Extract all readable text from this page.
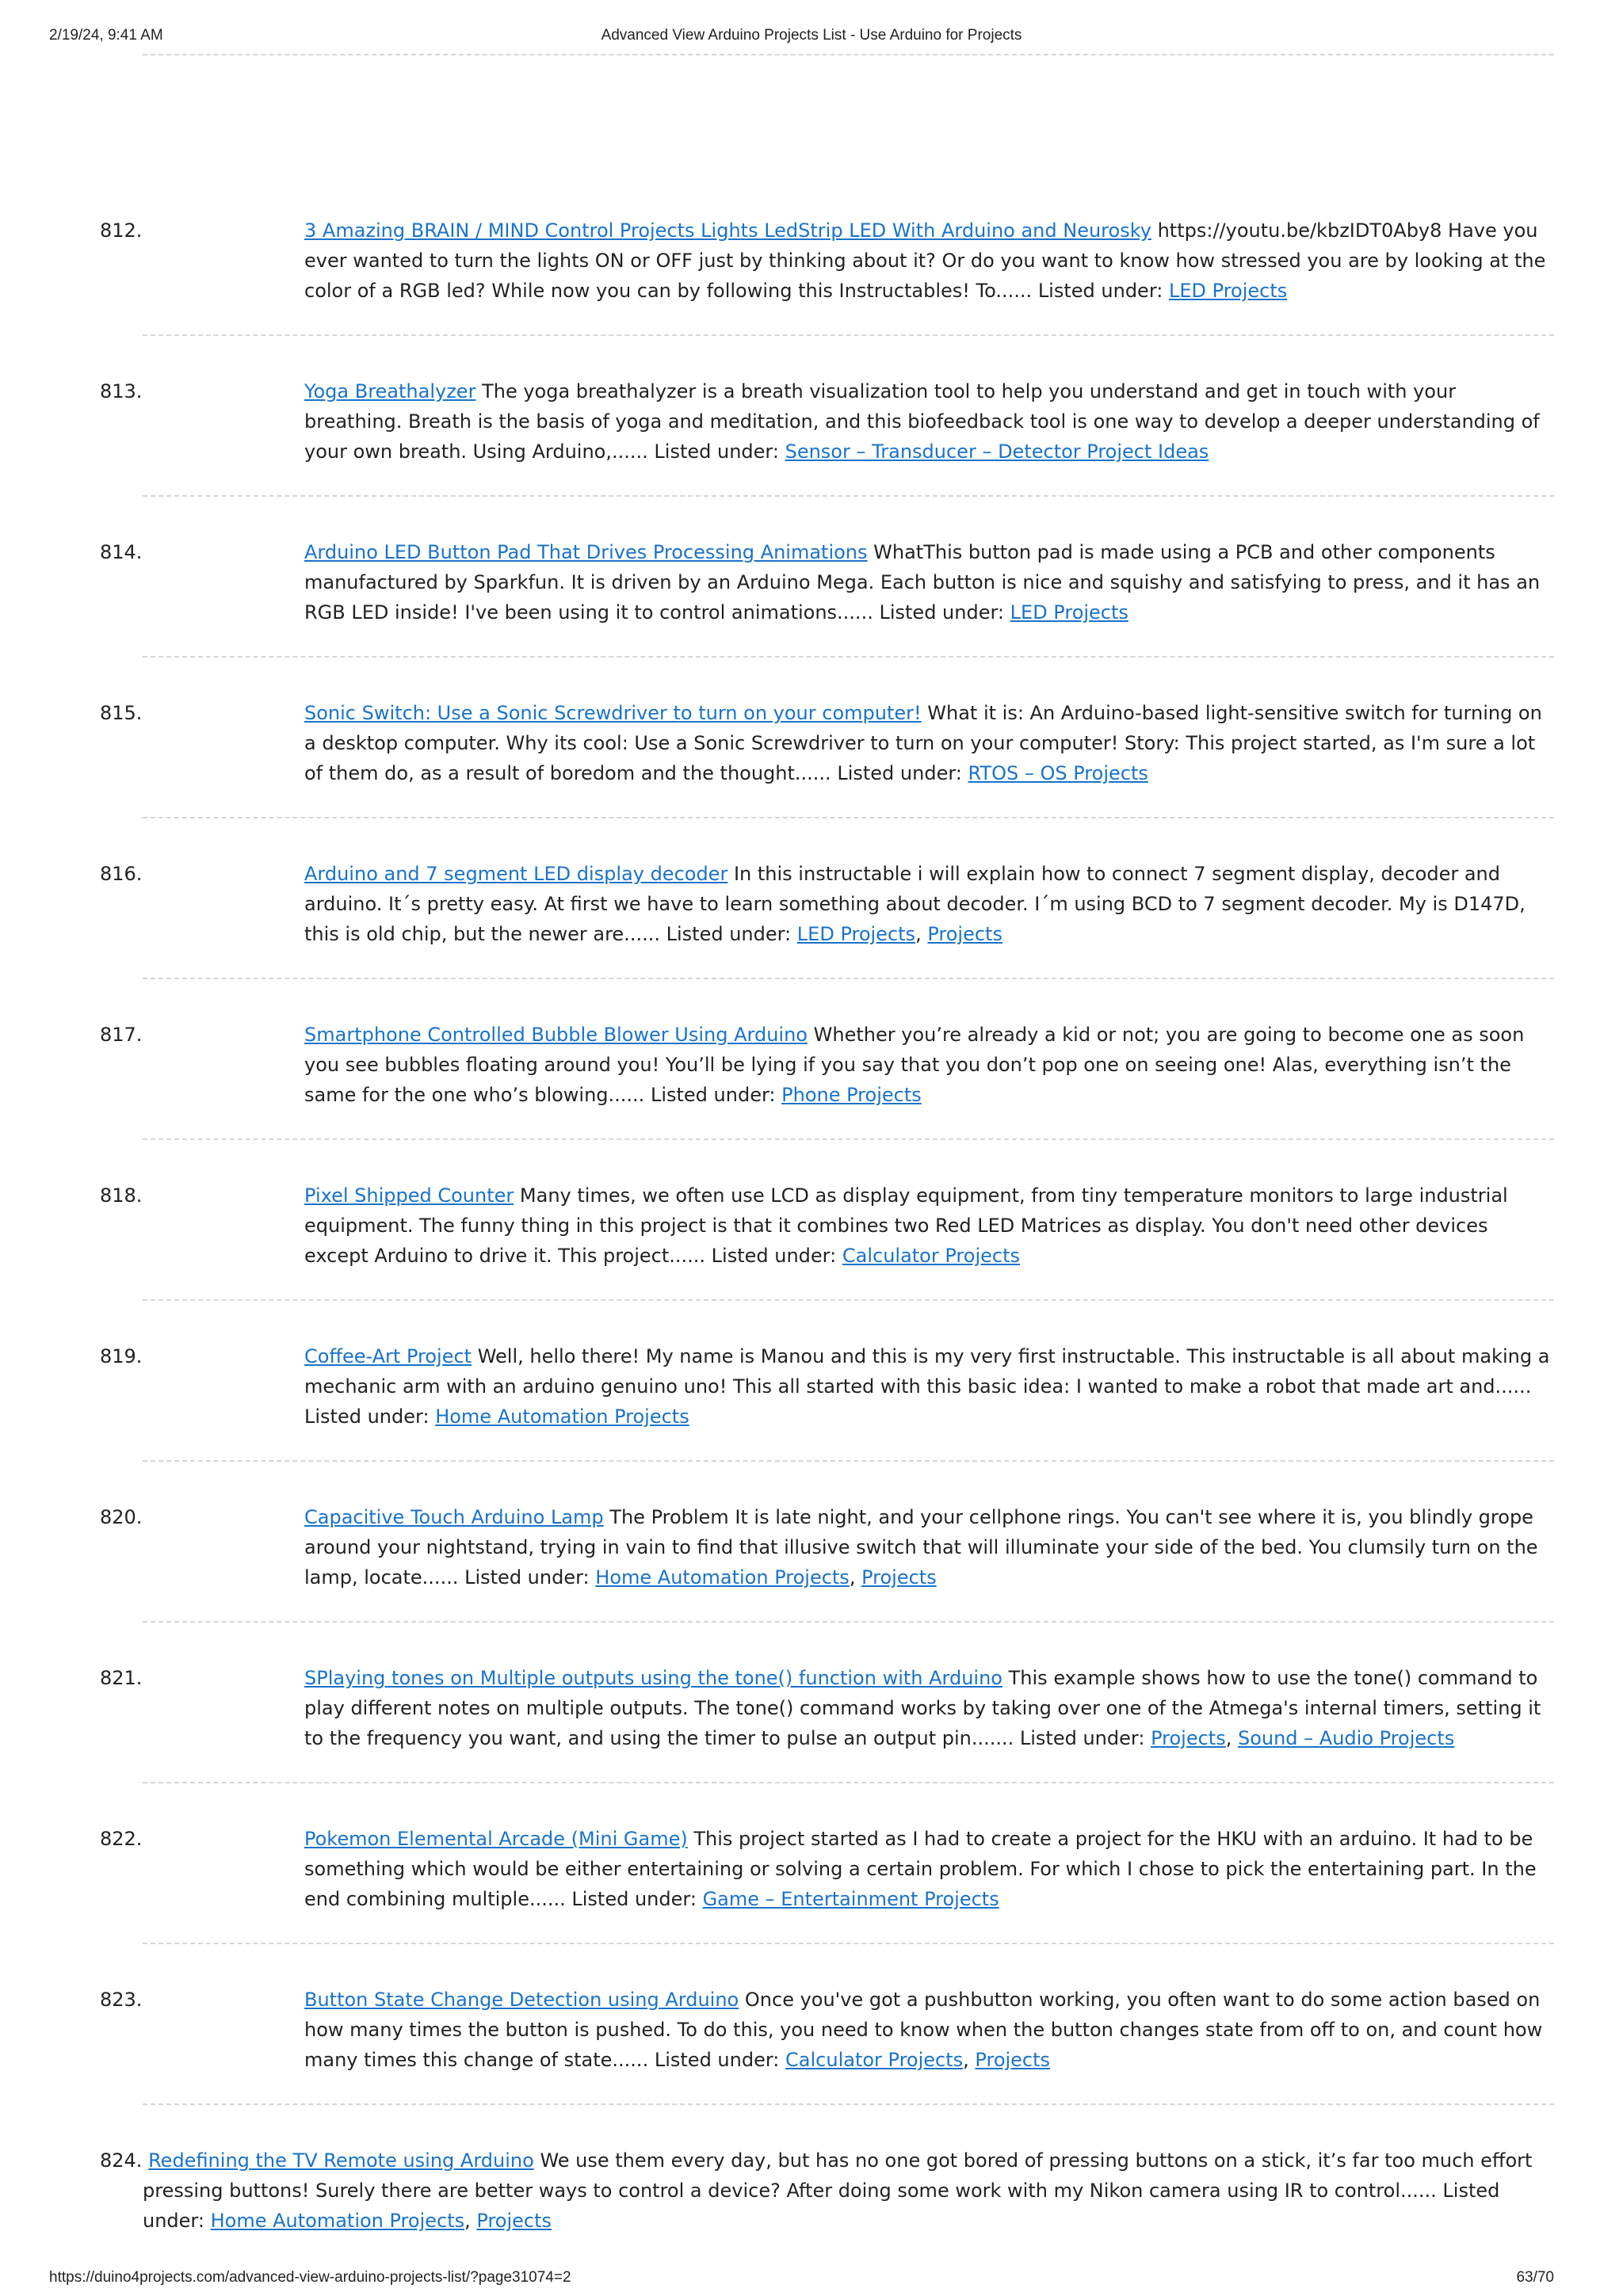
2/19/24, 9:41 AM	Advanced View Arduino Projects List - Use Arduino for Projects
812.	3 Amazing BRAIN / MIND Control Projects Lights LedStrip LED With Arduino and Neurosky https://youtu.be/kbzIDT0Aby8 Have you ever wanted to turn the lights ON or OFF just by thinking about it? Or do you want to know how stressed you are by looking at the color of a RGB led? While now you can by following this Instructables! To...... Listed under: LED Projects
813.	Yoga Breathalyzer The yoga breathalyzer is a breath visualization tool to help you understand and get in touch with your breathing. Breath is the basis of yoga and meditation, and this biofeedback tool is one way to develop a deeper understanding of your own breath. Using Arduino,...... Listed under: Sensor – Transducer – Detector Project Ideas
814.	Arduino LED Button Pad That Drives Processing Animations WhatThis button pad is made using a PCB and other components manufactured by Sparkfun. It is driven by an Arduino Mega. Each button is nice and squishy and satisfying to press, and it has an RGB LED inside! I've been using it to control animations...... Listed under: LED Projects
815.	Sonic Switch: Use a Sonic Screwdriver to turn on your computer! What it is: An Arduino-based light-sensitive switch for turning on a desktop computer. Why its cool: Use a Sonic Screwdriver to turn on your computer! Story: This project started, as I'm sure a lot of them do, as a result of boredom and the thought...... Listed under: RTOS – OS Projects
816.	Arduino and 7 segment LED display decoder In this instructable i will explain how to connect 7 segment display, decoder and arduino. It´s pretty easy. At first we have to learn something about decoder. I´m using BCD to 7 segment decoder. My is D147D, this is old chip, but the newer are...... Listed under: LED Projects, Projects
817.	Smartphone Controlled Bubble Blower Using Arduino Whether you’re already a kid or not; you are going to become one as soon you see bubbles floating around you! You’ll be lying if you say that you don’t pop one on seeing one! Alas, everything isn’t the same for the one who’s blowing...... Listed under: Phone Projects
818.	Pixel Shipped Counter Many times, we often use LCD as display equipment, from tiny temperature monitors to large industrial equipment. The funny thing in this project is that it combines two Red LED Matrices as display. You don't need other devices except Arduino to drive it. This project...... Listed under: Calculator Projects
819.	Coffee-Art Project Well, hello there! My name is Manou and this is my very first instructable. This instructable is all about making a mechanic arm with an arduino genuino uno! This all started with this basic idea: I wanted to make a robot that made art and...... Listed under: Home Automation Projects
820.	Capacitive Touch Arduino Lamp The Problem It is late night, and your cellphone rings. You can't see where it is, you blindly grope around your nightstand, trying in vain to find that illusive switch that will illuminate your side of the bed. You clumsily turn on the lamp, locate...... Listed under: Home Automation Projects, Projects
821.	SPlaying tones on Multiple outputs using the tone() function with Arduino This example shows how to use the tone() command to play different notes on multiple outputs. The tone() command works by taking over one of the Atmega's internal timers, setting it to the frequency you want, and using the timer to pulse an output pin....... Listed under: Projects, Sound – Audio Projects
822.	Pokemon Elemental Arcade (Mini Game) This project started as I had to create a project for the HKU with an arduino. It had to be something which would be either entertaining or solving a certain problem. For which I chose to pick the entertaining part. In the end combining multiple...... Listed under: Game – Entertainment Projects
823.	Button State Change Detection using Arduino Once you've got a pushbutton working, you often want to do some action based on how many times the button is pushed. To do this, you need to know when the button changes state from off to on, and count how many times this change of state...... Listed under: Calculator Projects, Projects
824. Redefining the TV Remote using Arduino We use them every day, but has no one got bored of pressing buttons on a stick, it’s far too much effort pressing buttons! Surely there are better ways to control a device? After doing some work with my Nikon camera using IR to control...... Listed under: Home Automation Projects, Projects
https://duino4projects.com/advanced-view-arduino-projects-list/?page31074=2	63/70
